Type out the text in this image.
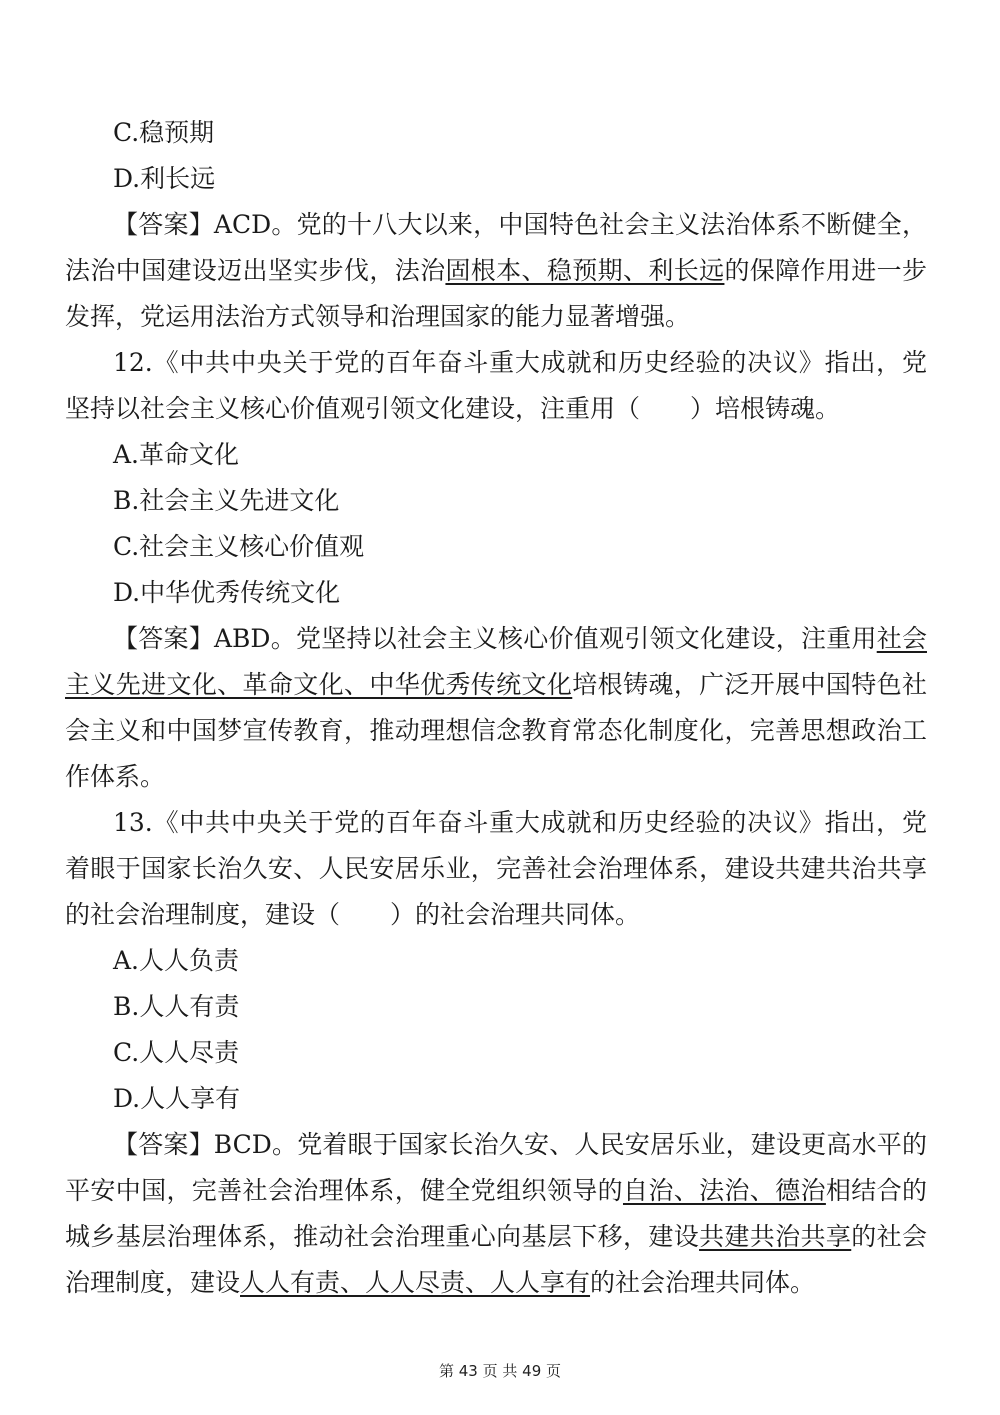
C.稳预期

D.利长远

【答案】ACD。党的十八大以来，中国特色社会主义法治体系不断健全，法治中国建设迈出坚实步伐，法治固根本、稳预期、利长远的保障作用进一步发挥，党运用法治方式领导和治理国家的能力显著增强。

12.《中共中央关于党的百年奋斗重大成就和历史经验的决议》指出，党坚持以社会主义核心价值观引领文化建设，注重用（　　）培根铸魂。

A.革命文化

B.社会主义先进文化

C.社会主义核心价值观

D.中华优秀传统文化

【答案】ABD。党坚持以社会主义核心价值观引领文化建设，注重用社会主义先进文化、革命文化、中华优秀传统文化培根铸魂，广泛开展中国特色社会主义和中国梦宣传教育，推动理想信念教育常态化制度化，完善思想政治工作体系。

13.《中共中央关于党的百年奋斗重大成就和历史经验的决议》指出，党着眼于国家长治久安、人民安居乐业，完善社会治理体系，建设共建共治共享的社会治理制度，建设（　　）的社会治理共同体。

A.人人负责

B.人人有责

C.人人尽责

D.人人享有

【答案】BCD。党着眼于国家长治久安、人民安居乐业，建设更高水平的平安中国，完善社会治理体系，健全党组织领导的自治、法治、德治相结合的城乡基层治理体系，推动社会治理重心向基层下移，建设共建共治共享的社会治理制度，建设人人有责、人人尽责、人人享有的社会治理共同体。

第 43 页 共 49 页
